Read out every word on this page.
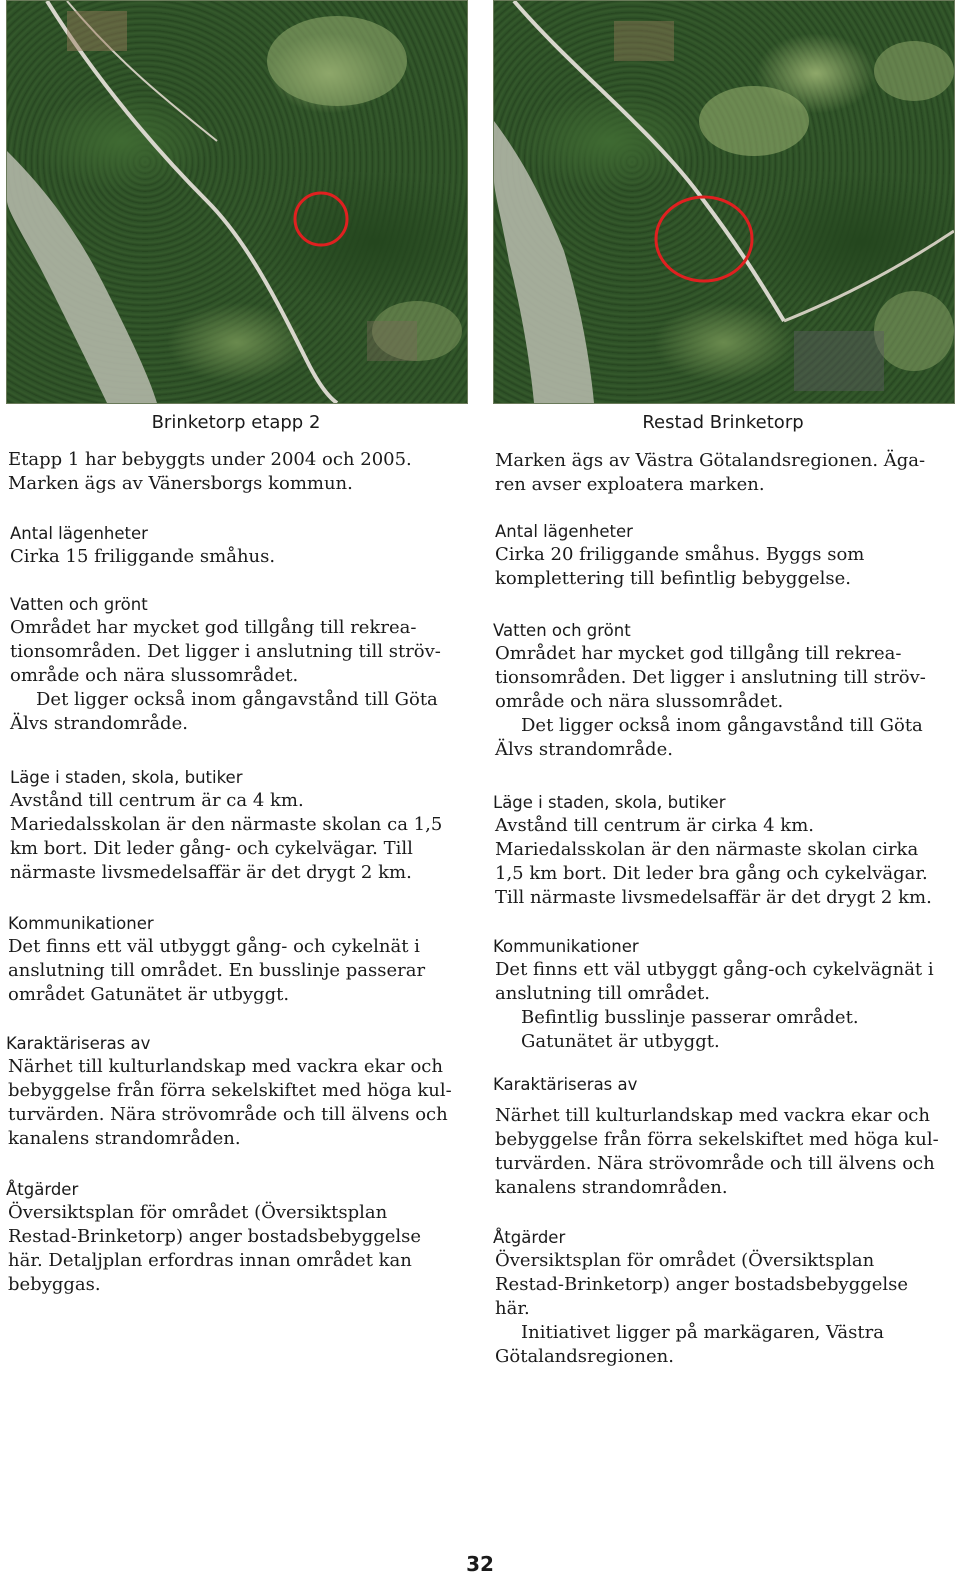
Brinketorp etapp 2

Etapp 1 har bebyggts under 2004 och 2005.

Marken ägs av Vänersborgs kommun.

Antal lägenheter

Cirka 15 friliggande småhus.

Vatten och grönt

Området har mycket god tillgång till rekrea-

tionsområden. Det ligger i anslutning till ströv-

område och nära slussområdet.

Det ligger också inom gångavstånd till Göta

Älvs strandområde.

Läge i staden, skola, butiker

Avstånd till centrum är ca 4 km.

Mariedalsskolan är den närmaste skolan ca 1,5

km bort. Dit leder gång- och cykelvägar. Till

närmaste livsmedelsaffär är det drygt 2 km.

Kommunikationer

Det finns ett väl utbyggt gång- och cykelnät i

anslutning till området. En busslinje passerar

området Gatunätet är utbyggt.

Karaktäriseras av

Närhet till kulturlandskap med vackra ekar och

bebyggelse från förra sekelskiftet med höga kul-

turvärden. Nära strövområde och till älvens och

kanalens strandområden.

Åtgärder

Översiktsplan för området (Översiktsplan

Restad-Brinketorp) anger bostadsbebyggelse

här. Detaljplan erfordras innan området kan

bebyggas.

Restad Brinketorp

Marken ägs av Västra Götalandsregionen. Äga-

ren avser exploatera marken.

Antal lägenheter

Cirka 20 friliggande småhus. Byggs som

komplettering till befintlig bebyggelse.

Vatten och grönt

Området har mycket god tillgång till rekrea-

tionsområden. Det ligger i anslutning till ströv-

område och nära slussområdet.

Det ligger också inom gångavstånd till Göta

Älvs strandområde.

Läge i staden, skola, butiker

Avstånd till centrum är cirka 4 km.

Mariedalsskolan är den närmaste skolan cirka

1,5 km bort. Dit leder bra gång och cykelvägar.

Till närmaste livsmedelsaffär är det drygt 2 km.

Kommunikationer

Det finns ett väl utbyggt gång-och cykelvägnät i

anslutning till området.

Befintlig busslinje passerar området.

Gatunätet är utbyggt.

Karaktäriseras av

Närhet till kulturlandskap med vackra ekar och

bebyggelse från förra sekelskiftet med höga kul-

turvärden. Nära strövområde och till älvens och

kanalens strandområden.

Åtgärder

Översiktsplan för området (Översiktsplan

Restad-Brinketorp) anger bostadsbebyggelse

här.

Initiativet ligger på markägaren, Västra

Götalandsregionen.

32
